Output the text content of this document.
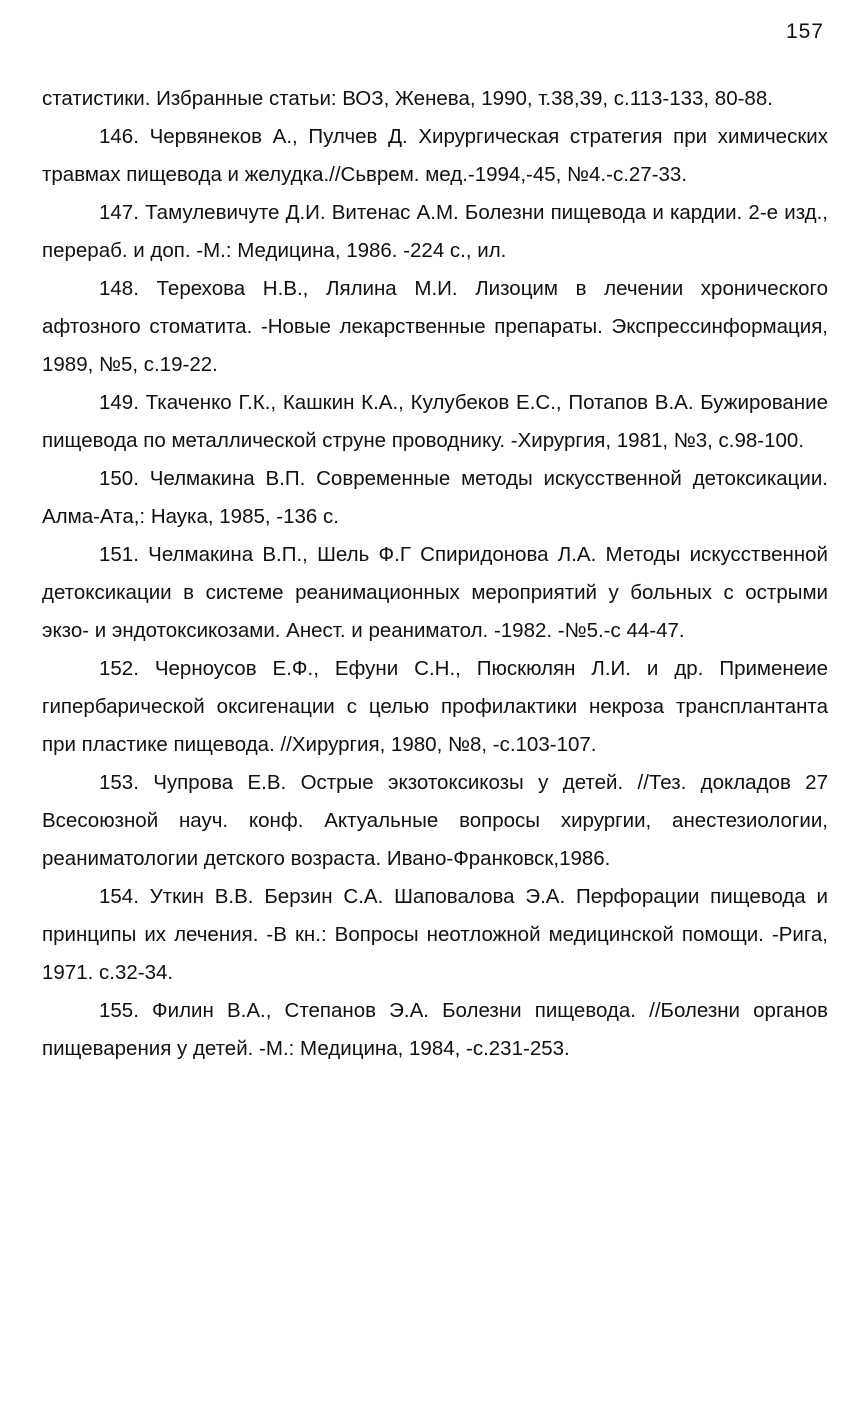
157

статистики. Избранные статьи: ВОЗ, Женева, 1990, т.38,39, с.113-133, 80-88.

146. Червянеков А., Пулчев Д. Хирургическая стратегия при химических травмах пищевода и желудка.//Сьврем. мед.-1994,-45, №4.-с.27-33.

147. Тамулевичуте Д.И. Витенас А.М. Болезни пищевода и кардии. 2-е изд., перераб. и доп. -М.: Медицина, 1986. -224 с., ил.

148. Терехова Н.В., Лялина М.И. Лизоцим в лечении хронического афтозного стоматита. -Новые лекарственные препараты. Экспрессинформация, 1989, №5, с.19-22.

149. Ткаченко Г.К., Кашкин К.А., Кулубеков Е.С., Потапов В.А. Бужирование пищевода по металлической струне проводнику. -Хирургия, 1981, №3, с.98-100.

150. Челмакина В.П. Современные методы искусственной детоксикации. Алма-Ата,: Наука, 1985, -136 с.

151. Челмакина В.П., Шель Ф.Г Спиридонова Л.А. Методы искусственной детоксикации в системе реанимационных мероприятий у больных с острыми экзо- и эндотоксикозами. Анест. и реаниматол. -1982. -№5.-с 44-47.

152. Черноусов Е.Ф., Ефуни С.Н., Пюскюлян Л.И. и др. Применеие гипербарической оксигенации с целью профилактики некроза трансплантанта при пластике пищевода. //Хирургия, 1980, №8, -с.103-107.

153. Чупрова Е.В. Острые экзотоксикозы у детей. //Тез. докладов 27 Всесоюзной науч. конф. Актуальные вопросы хирургии, анестезиологии, реаниматологии детского возраста. Ивано-Франковск,1986.

154. Уткин В.В. Берзин С.А. Шаповалова Э.А. Перфорации пищевода и принципы их лечения. -В кн.: Вопросы неотложной медицинской помощи. -Рига, 1971. с.32-34.

155. Филин В.А., Степанов Э.А. Болезни пищевода. //Болезни органов пищеварения у детей. -М.: Медицина, 1984, -с.231-253.
